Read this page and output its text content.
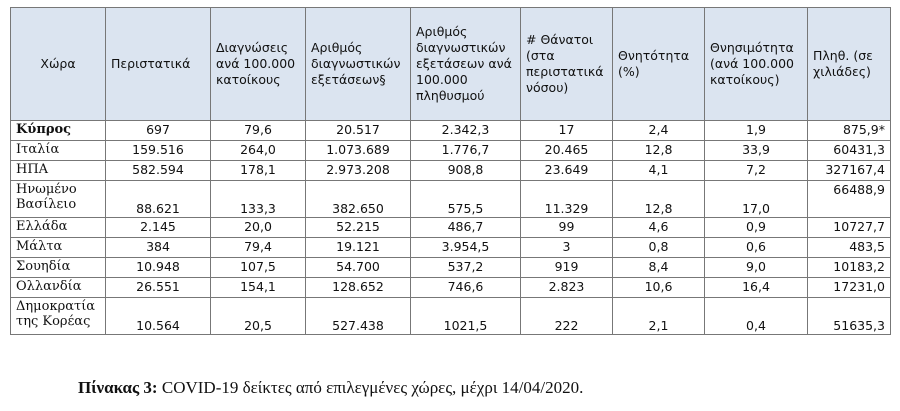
Χώρα	Περιστατικά	Διαγνώσεις ανά 100.000 κατοίκους	Αριθμός διαγνωστικών εξετάσεων§	Αριθμός διαγνωστικών εξετάσεων ανά 100.000 πληθυσμού	# Θάνατοι (στα περιστατικά νόσου)	Θνητότητα (%)	Θνησιμότητα (ανά 100.000 κατοίκους)	Πληθ. (σε χιλιάδες)
Κύπρος	697	79,6	20.517	2.342,3	17	2,4	1,9	875,9*
Ιταλία	159.516	264,0	1.073.689	1.776,7	20.465	12,8	33,9	60431,3
ΗΠΑ	582.594	178,1	2.973.208	908,8	23.649	4,1	7,2	327167,4
Ηνωμένο Βασίλειο	88.621	133,3	382.650	575,5	11.329	12,8	17,0	66488,9
Ελλάδα	2.145	20,0	52.215	486,7	99	4,6	0,9	10727,7
Μάλτα	384	79,4	19.121	3.954,5	3	0,8	0,6	483,5
Σουηδία	10.948	107,5	54.700	537,2	919	8,4	9,0	10183,2
Ολλανδία	26.551	154,1	128.652	746,6	2.823	10,6	16,4	17231,0
Δημοκρατία της Κορέας	10.564	20,5	527.438	1021,5	222	2,1	0,4	51635,3
Πίνακας 3: COVID-19 δείκτες από επιλεγμένες χώρες, μέχρι 14/04/2020.
